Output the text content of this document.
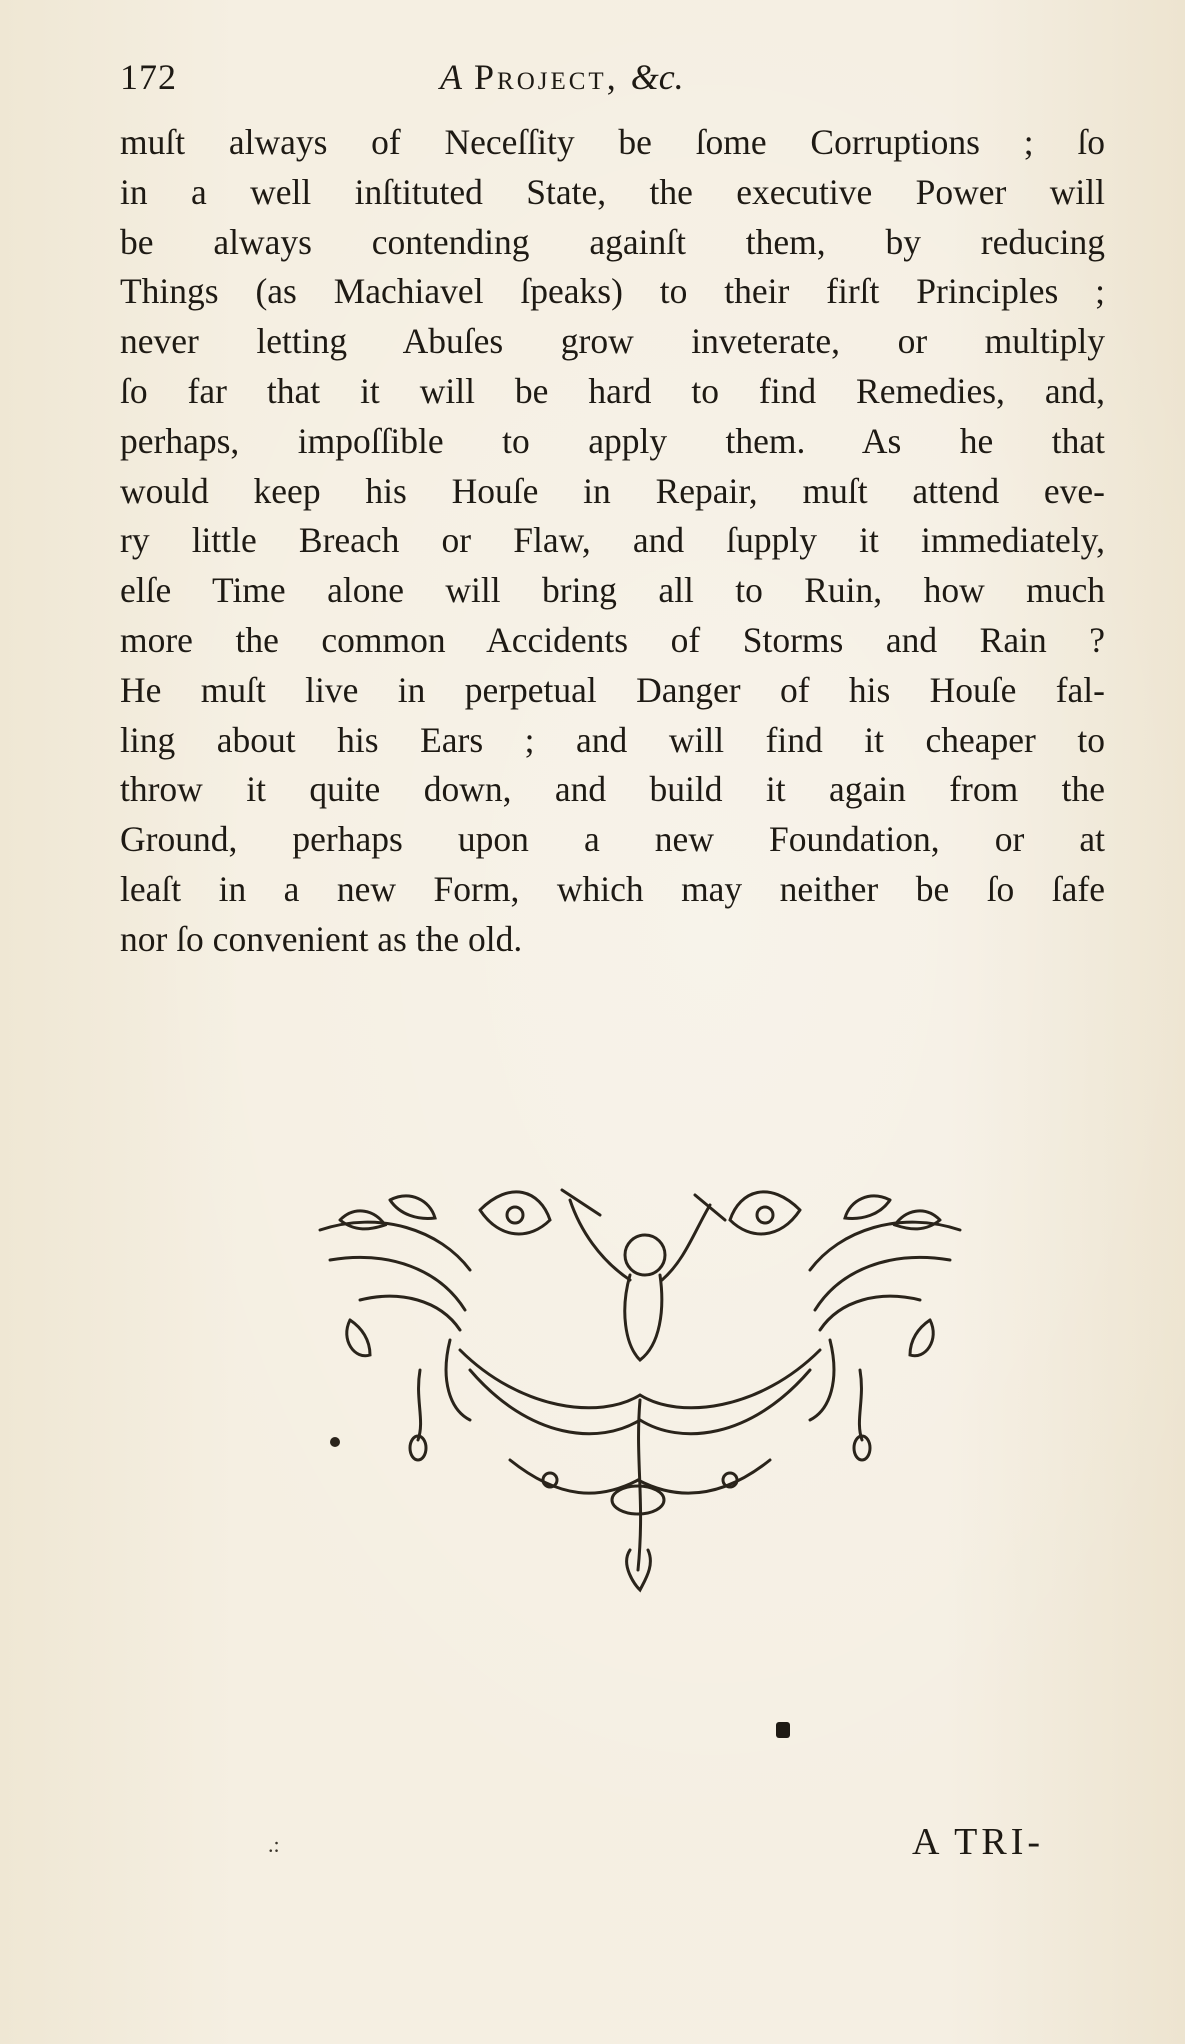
172	A Project, &c.
muſt always of Neceſſity be ſome Corruptions ; ſo
in a well inſtituted State, the executive Power will
be always contending againſt them, by reducing
Things (as Machiavel ſpeaks) to their firſt Principles ;
never letting Abuſes grow inveterate, or multiply
ſo far that it will be hard to find Remedies, and,
perhaps, impoſſible to apply them. As he that
would keep his Houſe in Repair, muſt attend eve-
ry little Breach or Flaw, and ſupply it immediately,
elſe Time alone will bring all to Ruin, how much
more the common Accidents of Storms and Rain ?
He muſt live in perpetual Danger of his Houſe fal-
ling about his Ears ; and will find it cheaper to
throw it quite down, and build it again from the
Ground, perhaps upon a new Foundation, or at
leaſt in a new Form, which may neither be ſo ſafe
nor ſo convenient as the old.
.:	A TRI-
